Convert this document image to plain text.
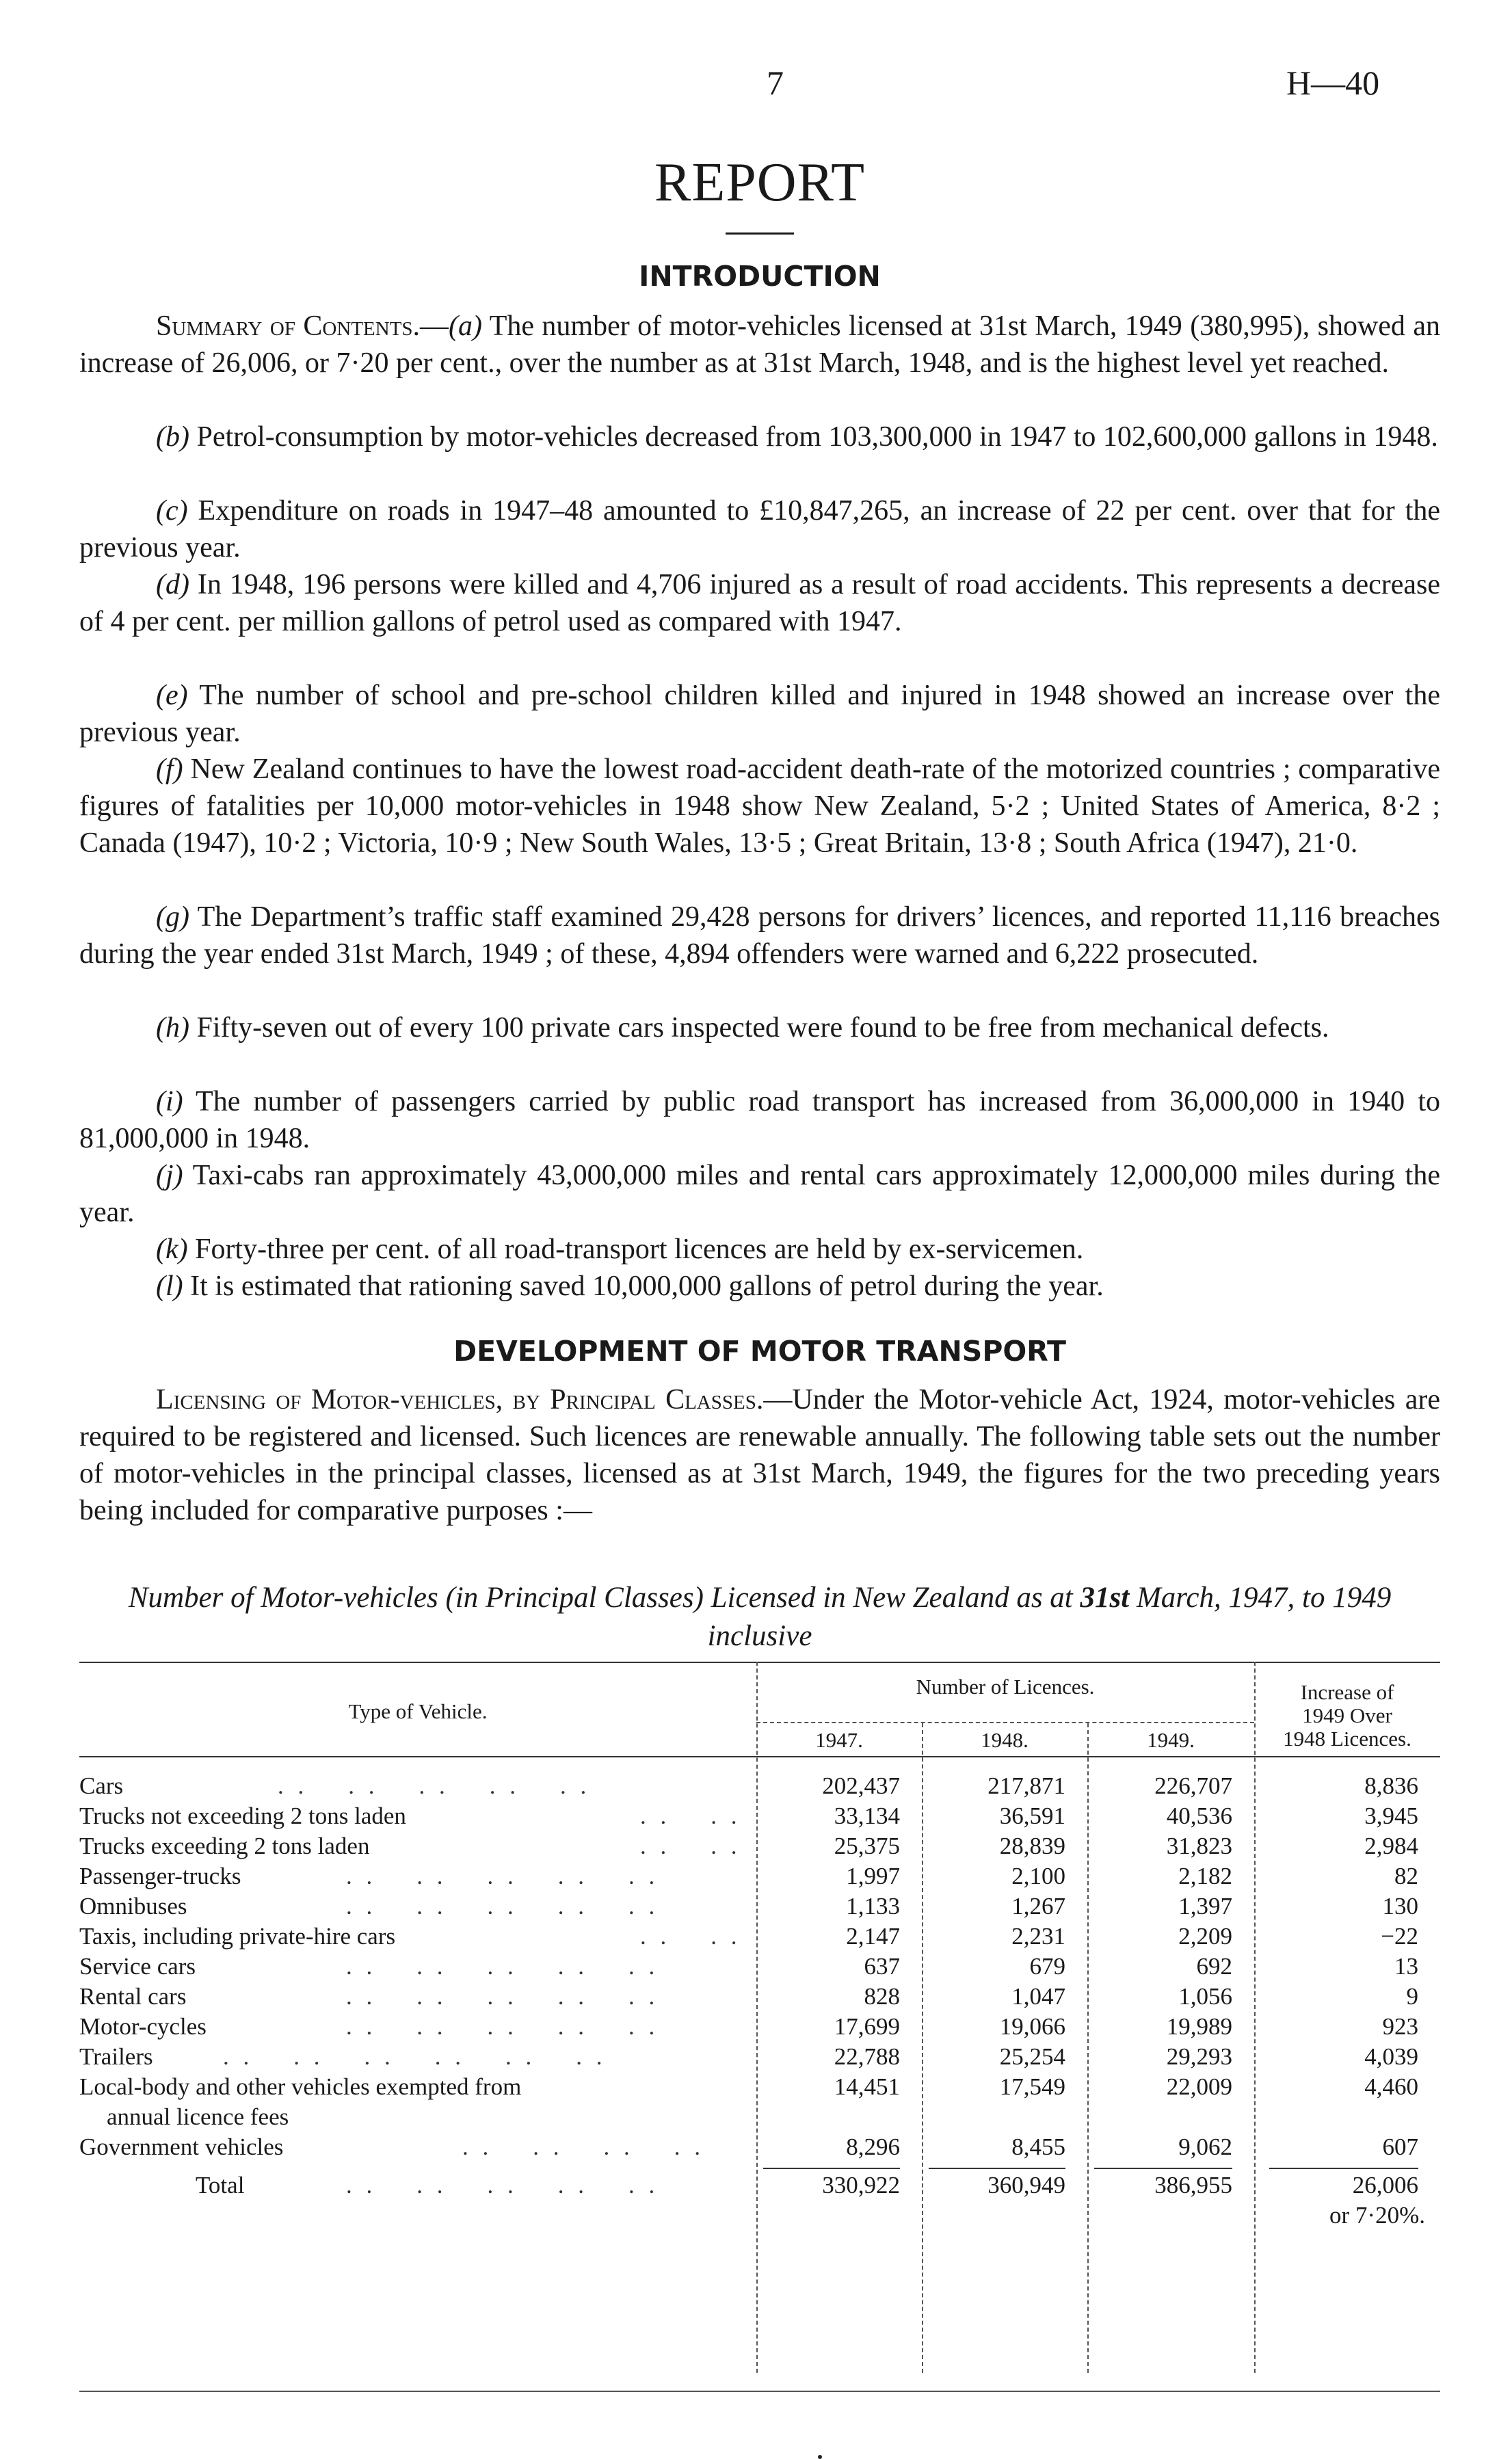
7	H—40
REPORT
INTRODUCTION
Summary of Contents.—(a) The number of motor-vehicles licensed at 31st March, 1949 (380,995), showed an increase of 26,006, or 7·20 per cent., over the number as at 31st March, 1948, and is the highest level yet reached.
(b) Petrol-consumption by motor-vehicles decreased from 103,300,000 in 1947 to 102,600,000 gallons in 1948.
(c) Expenditure on roads in 1947–48 amounted to £10,847,265, an increase of 22 per cent. over that for the previous year.
(d) In 1948, 196 persons were killed and 4,706 injured as a result of road accidents. This represents a decrease of 4 per cent. per million gallons of petrol used as compared with 1947.
(e) The number of school and pre-school children killed and injured in 1948 showed an increase over the previous year.
(f) New Zealand continues to have the lowest road-accident death-rate of the motorized countries ; comparative figures of fatalities per 10,000 motor-vehicles in 1948 show New Zealand, 5·2 ; United States of America, 8·2 ; Canada (1947), 10·2 ; Victoria, 10·9 ; New South Wales, 13·5 ; Great Britain, 13·8 ; South Africa (1947), 21·0.
(g) The Department’s traffic staff examined 29,428 persons for drivers’ licences, and reported 11,116 breaches during the year ended 31st March, 1949 ; of these, 4,894 offenders were warned and 6,222 prosecuted.
(h) Fifty-seven out of every 100 private cars inspected were found to be free from mechanical defects.
(i) The number of passengers carried by public road transport has increased from 36,000,000 in 1940 to 81,000,000 in 1948.
(j) Taxi-cabs ran approximately 43,000,000 miles and rental cars approximately 12,000,000 miles during the year.
(k) Forty-three per cent. of all road-transport licences are held by ex-servicemen.
(l) It is estimated that rationing saved 10,000,000 gallons of petrol during the year.
DEVELOPMENT OF MOTOR TRANSPORT
Licensing of Motor-vehicles, by Principal Classes.—Under the Motor-vehicle Act, 1924, motor-vehicles are required to be registered and licensed. Such licences are renewable annually. The following table sets out the number of motor-vehicles in the principal classes, licensed as at 31st March, 1949, the figures for the two preceding years being included for comparative purposes :—
Number of Motor-vehicles (in Principal Classes) Licensed in New Zealand as at 31st March, 1947, to 1949 inclusive
Type of Vehicle.
Number of Licences.
1947.	1948.	1949.
Increase of
1949 Over
1948 Licences.
Cars	. . . . . . . . . .	202,437	217,871	226,707	8,836
Trucks not exceeding 2 tons laden	. . . .	33,134	36,591	40,536	3,945
Trucks exceeding 2 tons laden	. . . .	25,375	28,839	31,823	2,984
Passenger-trucks	. . . . . . . . . .	1,997	2,100	2,182	82
Omnibuses	. . . . . . . . . .	1,133	1,267	1,397	130
Taxis, including private-hire cars	. . . .	2,147	2,231	2,209	−22
Service cars	. . . . . . . . . .	637	679	692	13
Rental cars	. . . . . . . . . .	828	1,047	1,056	9
Motor-cycles	. . . . . . . . . .	17,699	19,066	19,989	923
Trailers	. . . . . . . . . . . .	22,788	25,254	29,293	4,039
Local-body and other vehicles exempted from
annual licence fees
14,451	17,549	22,009	4,460
Government vehicles	. . . . . . . .	8,296	8,455	9,062	607
Total	. . . . . . . . . .	330,922	360,949	386,955	26,006
or 7·20%.
